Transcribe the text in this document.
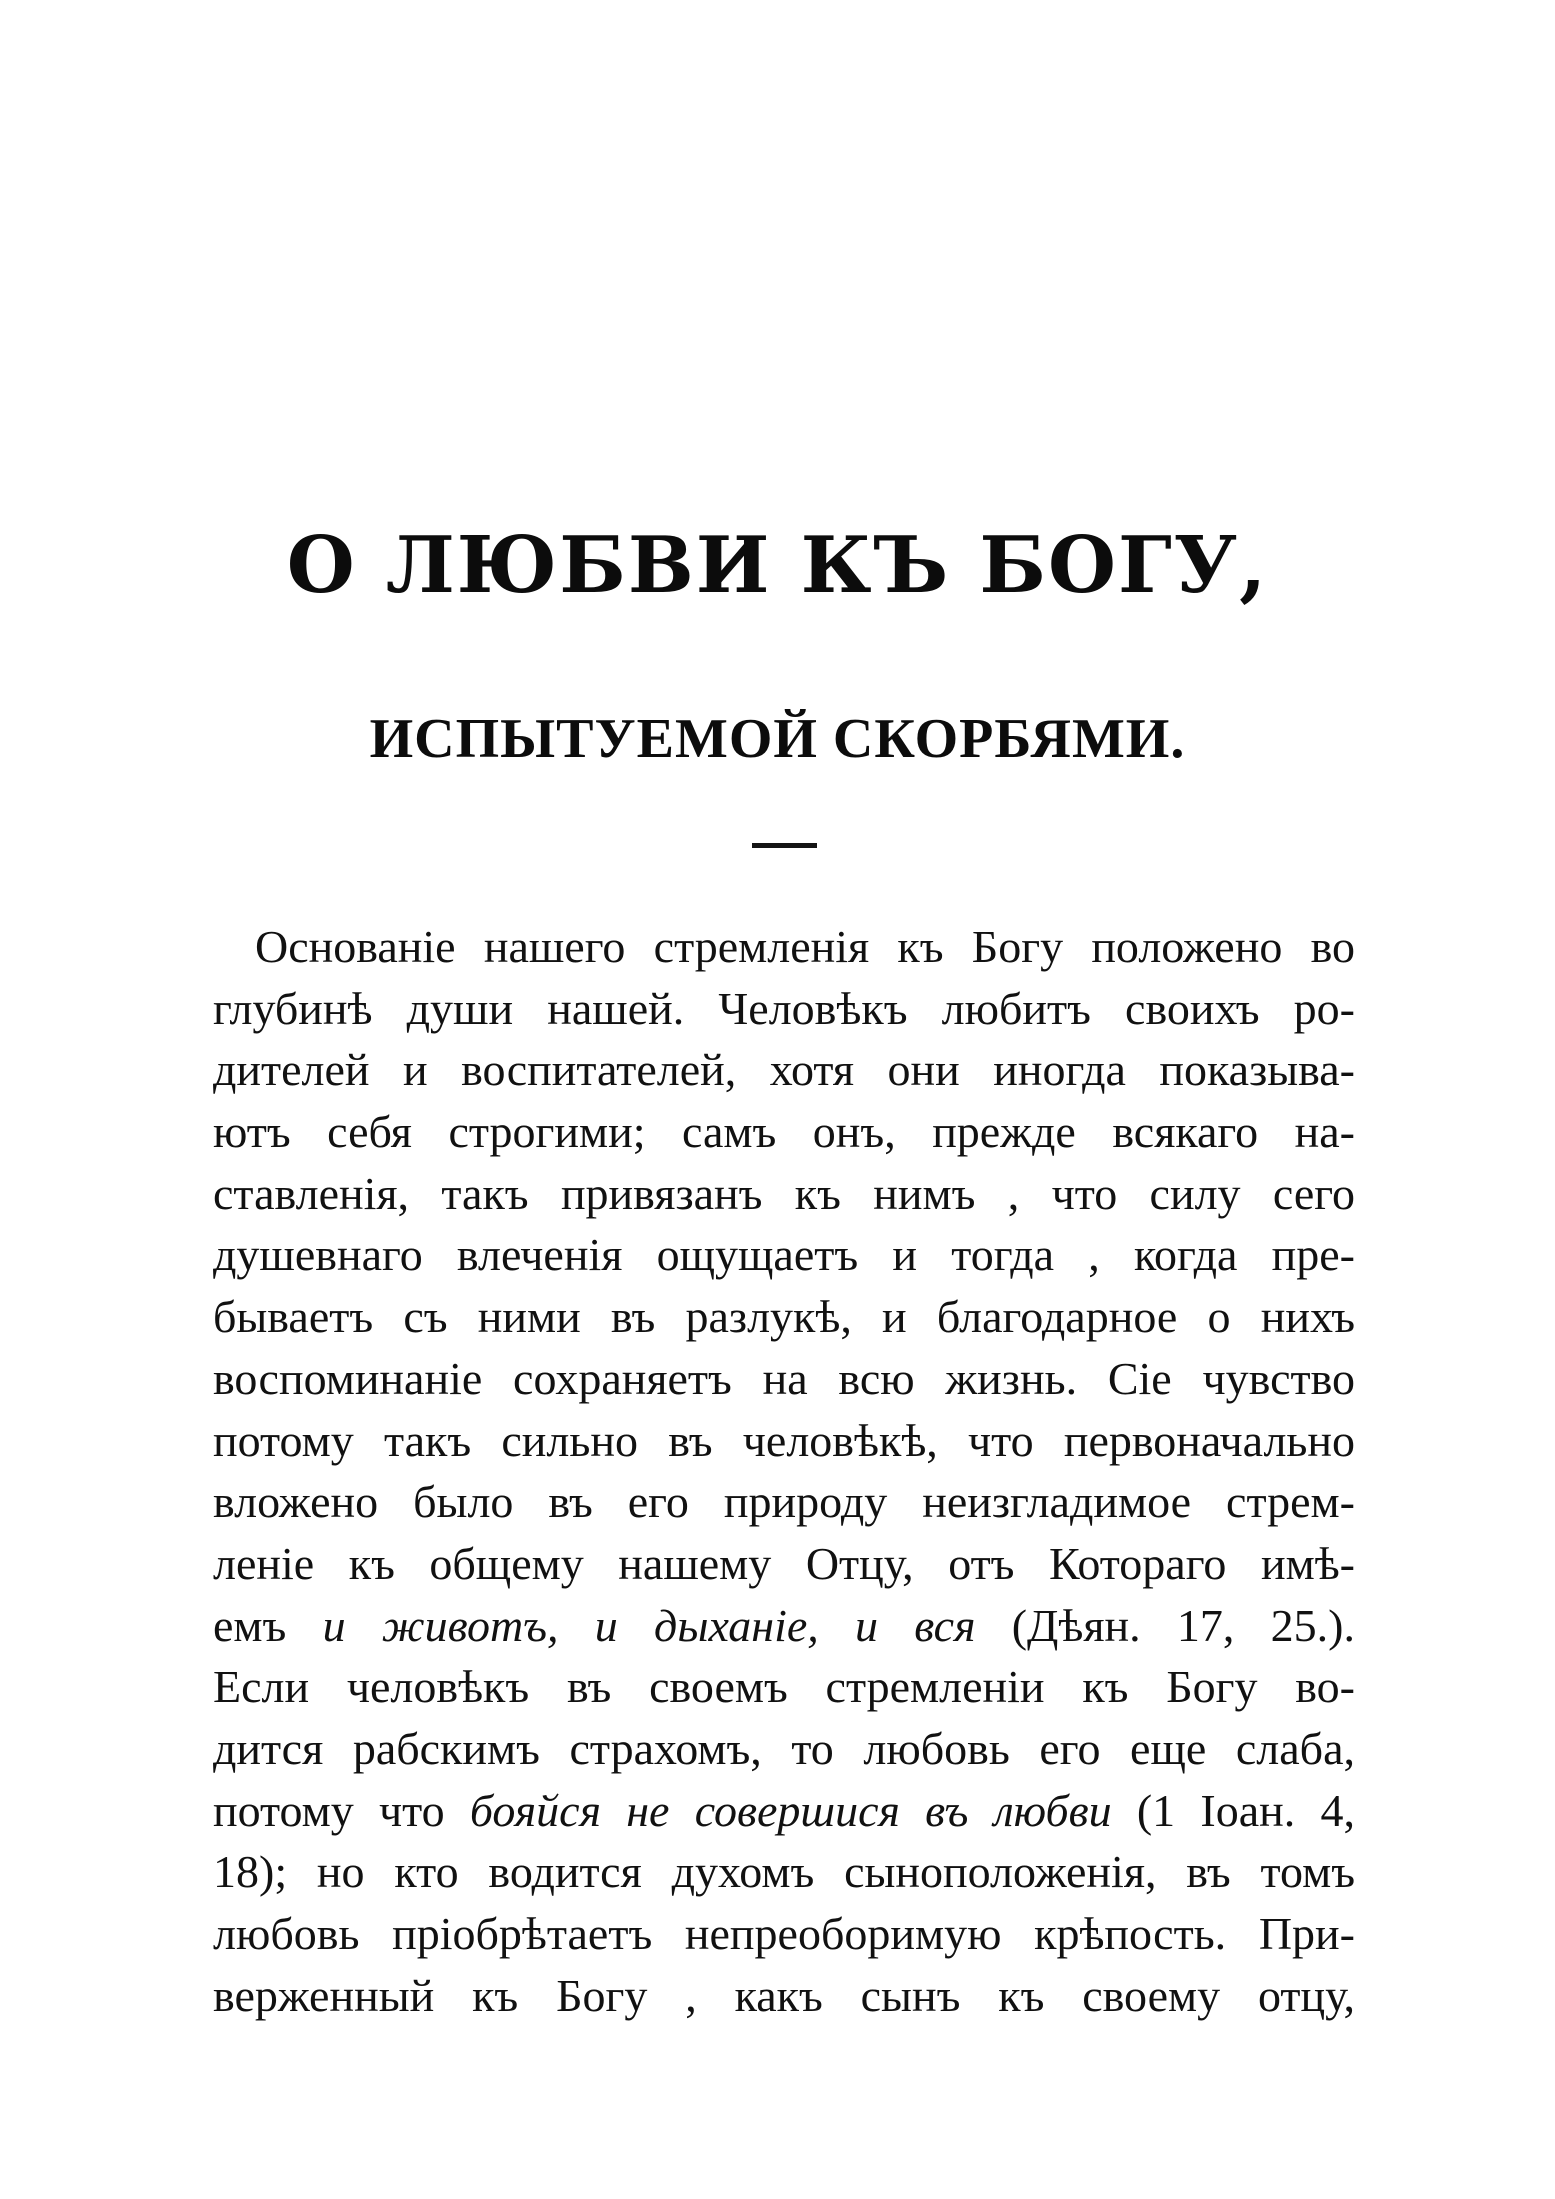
О ЛЮБВИ КЪ БОГУ,
ИСПЫТУЕМОЙ СКОРБЯМИ.
Основаніе нашего стремленія къ Богу положено во
глубинѣ души нашей. Человѣкъ любитъ своихъ ро-
дителей и воспитателей, хотя они иногда показыва-
ютъ себя строгими; самъ онъ, прежде всякаго на-
ставленія, такъ привязанъ къ нимъ , что силу сего
душевнаго влеченія ощущаетъ и тогда , когда пре-
бываетъ съ ними въ разлукѣ, и благодарное о нихъ
воспоминаніе сохраняетъ на всю жизнь. Сіе чувство
потому такъ сильно въ человѣкѣ, что первоначально
вложено было въ его природу неизгладимое стрем-
леніе къ общему нашему Отцу, отъ Котораго имѣ-
емъ и животъ, и дыханіе, и вся (Дѣян. 17, 25.).
Если человѣкъ въ своемъ стремленіи къ Богу во-
дится рабскимъ страхомъ, то любовь его еще слаба,
потому что бояйся не совершися въ любви (1 Іоан. 4,
18); но кто водится духомъ сыноположенія, въ томъ
любовь пріобрѣтаетъ непреоборимую крѣпость. При-
верженный къ Богу , какъ сынъ къ своему отцу,
